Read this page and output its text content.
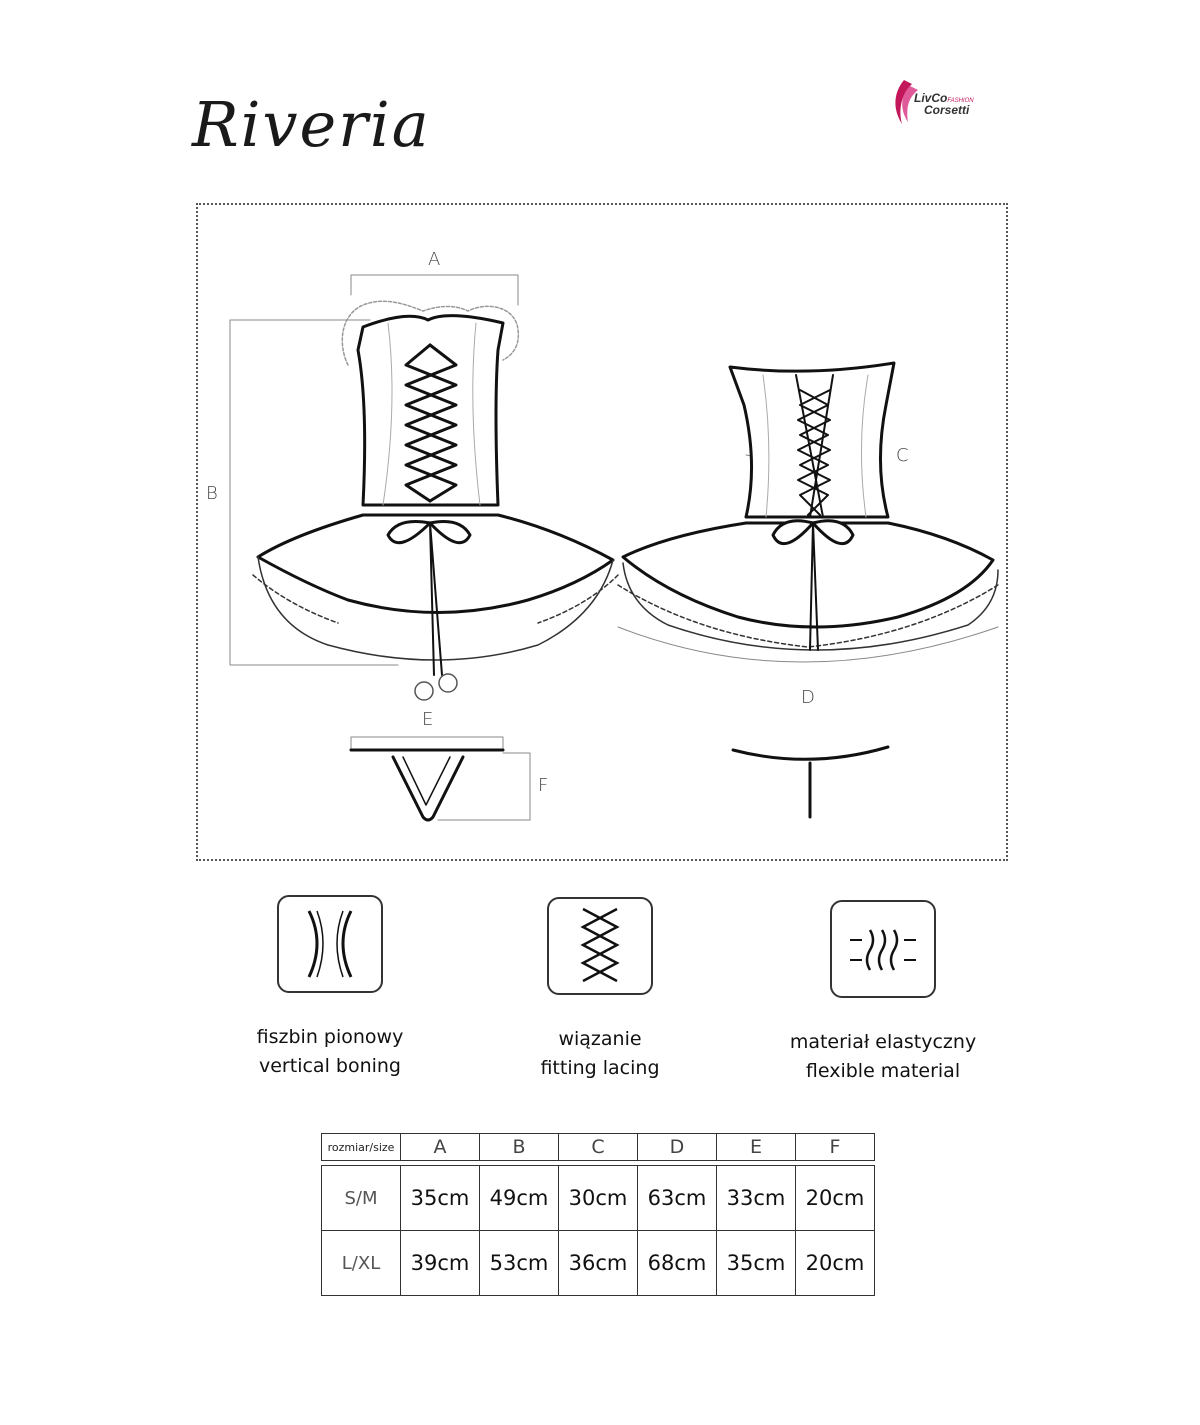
Riveria	LivCoFASHION
Corsetti
A
B
C
D
E
F
fiszbin pionowy
vertical boning
wiązanie
fitting lacing
materiał elastyczny
flexible material
rozmiar/size	A	B	C	D	E	F

S/M	35cm	49cm	30cm	63cm	33cm	20cm
L/XL	39cm	53cm	36cm	68cm	35cm	20cm
